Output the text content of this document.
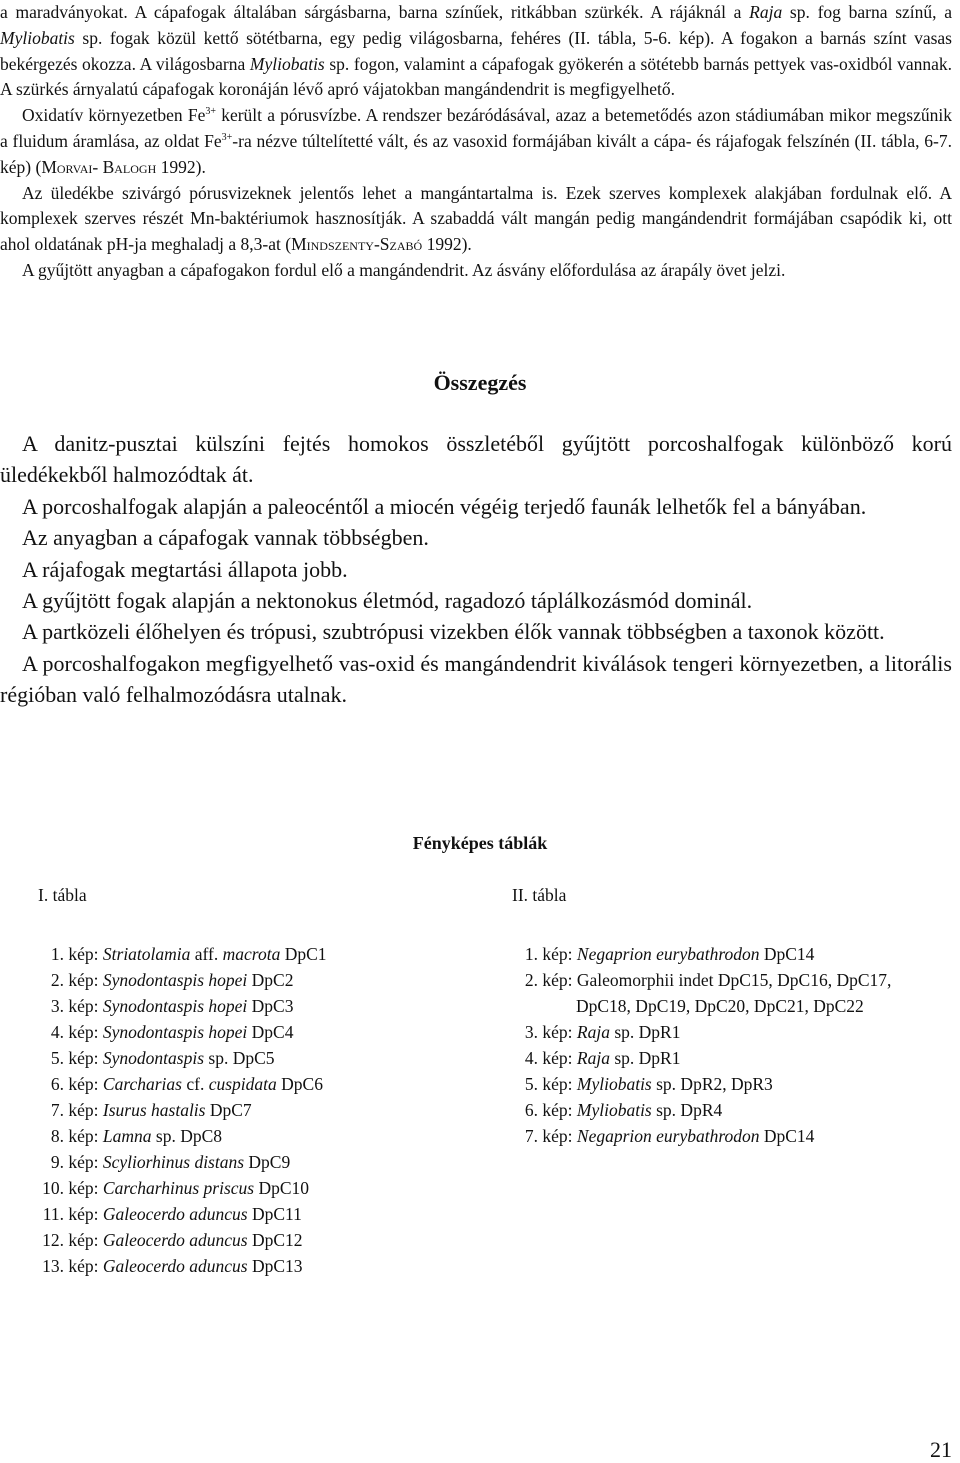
a maradványokat. A cápafogak általában sárgásbarna, barna színűek, ritkábban szürkék. A rájáknál a Raja sp. fog barna színű, a Myliobatis sp. fogak közül kettő sötétbarna, egy pedig világosbarna, fehéres (II. tábla, 5-6. kép). A fogakon a barnás színt vasas bekérgezés okozza. A világosbarna Myliobatis sp. fogon, valamint a cápafogak gyökerén a sötétebb barnás pettyek vas-oxidból vannak. A szürkés árnyalatú cápafogak koronáján lévő apró vájatokban mangándendrit is megfigyelhető.

Oxidatív környezetben $Fe^{3+}$ került a pórusvízbe. A rendszer bezáródásával, azaz a betemetődés azon stádiumában mikor megszűnik a fluidum áramlása, az oldat $Fe^{3+}-ra$ nézve túltelítetté vált, és az vasoxid formájában kivált a cápa- és rájafogak felszínén (II. tábla, 6-7. kép) (Morvai- Balogh 1992).

Az üledékbe szivárgó pórusvizeknek jelentős lehet a mangántartalma is. Ezek szerves komplexek alakjában fordulnak elő. A komplexek szerves részét Mn-baktériumok hasznosítják. A szabaddá vált mangán pedig mangándendrit formájában csapódik ki, ott ahol oldatának pH-ja meghaladj a 8,3-at (Mindszenty-Szabó 1992).

A gyűjtött anyagban a cápafogakon fordul elő a mangándendrit. Az ásvány előfordulása az árapály övet jelzi.

Összegzés

A danitz-pusztai külszíni fejtés homokos összletéből gyűjtött porcoshalfogak különböző korú üledékekből halmozódtak át.

A porcoshalfogak alapján a paleocéntől a miocén végéig terjedő faunák lelhetők fel a bányában.

Az anyagban a cápafogak vannak többségben.

A rájafogak megtartási állapota jobb.

A gyűjtött fogak alapján a nektonokus életmód, ragadozó táplálkozásmód dominál.

A partközeli élőhelyen és trópusi, szubtrópusi vizekben élők vannak többségben a taxonok között.

A porcoshalfogakon megfigyelhető vas-oxid és mangándendrit kiválások tengeri környezetben, a litorális régióban való felhalmozódásra utalnak.

Fényképes táblák
I. tábla
1. kép: Striatolamia aff. macrota DpC1
2. kép: Synodontaspis hopei DpC2
3. kép: Synodontaspis hopei DpC3
4. kép: Synodontaspis hopei DpC4
5. kép: Synodontaspis sp. DpC5
6. kép: Carcharias cf. cuspidata DpC6
7. kép: Isurus hastalis DpC7
8. kép: Lamna sp. DpC8
9. kép: Scyliorhinus distans DpC9
10. kép: Carcharhinus priscus DpC10
11. kép: Galeocerdo aduncus DpC11
12. kép: Galeocerdo aduncus DpC12
13. kép: Galeocerdo aduncus DpC13
II. tábla
1. kép: Negaprion eurybathrodon DpC14
2. kép: Galeomorphii indet DpC15, DpC16, DpC17,
DpC18, DpC19, DpC20, DpC21, DpC22
3. kép: Raja sp. DpR1
4. kép: Raja sp. DpR1
5. kép: Myliobatis sp. DpR2, DpR3
6. kép: Myliobatis sp. DpR4
7. kép: Negaprion eurybathrodon DpC14
21
